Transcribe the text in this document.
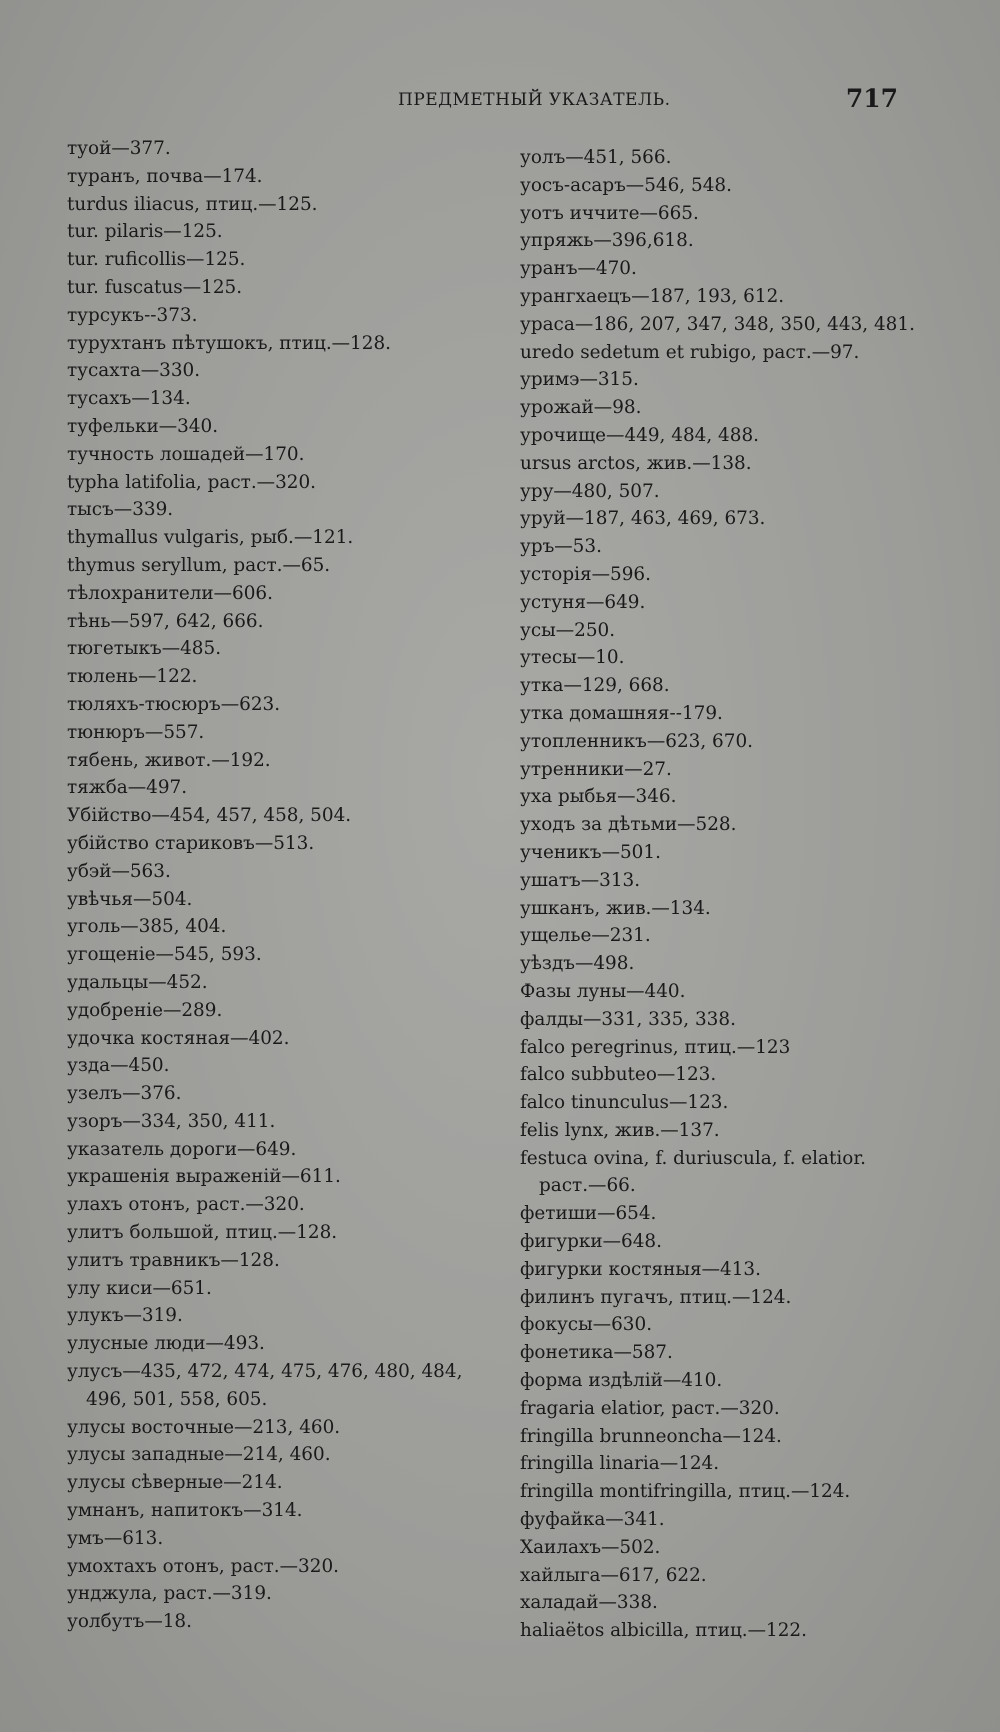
ПРЕДМЕТНЫЙ УКАЗАТЕЛЬ.	717
туой—377.
туранъ, почва—174.
turdus iliacus, птиц.—125.
tur. pilaris—125.
tur. ruficollis—125.
tur. fuscatus—125.
турсукъ--373.
турухтанъ пѣтушокъ, птиц.—128.
тусахта—330.
тусахъ—134.
туфельки—340.
тучность лошадей—170.
typha latifolia, раст.—320.
тысъ—339.
thymallus vulgaris, рыб.—121.
thymus seryllum, раст.—65.
тѣлохранители—606.
тѣнь—597, 642, 666.
тюгетыкъ—485.
тюлень—122.
тюляхъ-тюсюръ—623.
тюнюръ—557.
тябень, живот.—192.
тяжба—497.
Убійство—454, 457, 458, 504.
убійство стариковъ—513.
убэй—563.
увѣчья—504.
уголь—385, 404.
угощеніе—545, 593.
удальцы—452.
удобреніе—289.
удочка костяная—402.
узда—450.
узелъ—376.
узоръ—334, 350, 411.
указатель дороги—649.
украшенія выраженій—611.
улахъ отонъ, раст.—320.
улитъ большой, птиц.—128.
улитъ травникъ—128.
улу киси—651.
улукъ—319.
улусные люди—493.
улусъ—435, 472, 474, 475, 476, 480, 484,
496, 501, 558, 605.
улусы восточные—213, 460.
улусы западные—214, 460.
улусы сѣверные—214.
умнанъ, напитокъ—314.
умъ—613.
умохтахъ отонъ, раст.—320.
унджула, раст.—319.
уолбутъ—18.
уолъ—451, 566.
уосъ-асаръ—546, 548.
уотъ иччите—665.
упряжь—396,618.
уранъ—470.
урангхаецъ—187, 193, 612.
ураса—186, 207, 347, 348, 350, 443, 481.
uredo sedetum et rubigo, раст.—97.
уримэ—315.
урожай—98.
урочище—449, 484, 488.
ursus arctos, жив.—138.
уру—480, 507.
уруй—187, 463, 469, 673.
уръ—53.
усторія—596.
устуня—649.
усы—250.
утесы—10.
утка—129, 668.
утка домашняя--179.
утопленникъ—623, 670.
утренники—27.
уха рыбья—346.
уходъ за дѣтьми—528.
ученикъ—501.
ушатъ—313.
ушканъ, жив.—134.
ущелье—231.
уѣздъ—498.
Фазы луны—440.
фалды—331, 335, 338.
falco peregrinus, птиц.—123
falco subbuteo—123.
falco tinunculus—123.
felis lynx, жив.—137.
festuca ovina, f. duriuscula, f. elatior.
раст.—66.
фетиши—654.
фигурки—648.
фигурки костяныя—413.
филинъ пугачъ, птиц.—124.
фокусы—630.
фонетика—587.
форма издѣлій—410.
fragaria elatior, раст.—320.
fringilla brunneoncha—124.
fringilla linaria—124.
fringilla montifringilla, птиц.—124.
фуфайка—341.
Хаилахъ—502.
хайлыга—617, 622.
халадай—338.
haliaëtos albicilla, птиц.—122.
